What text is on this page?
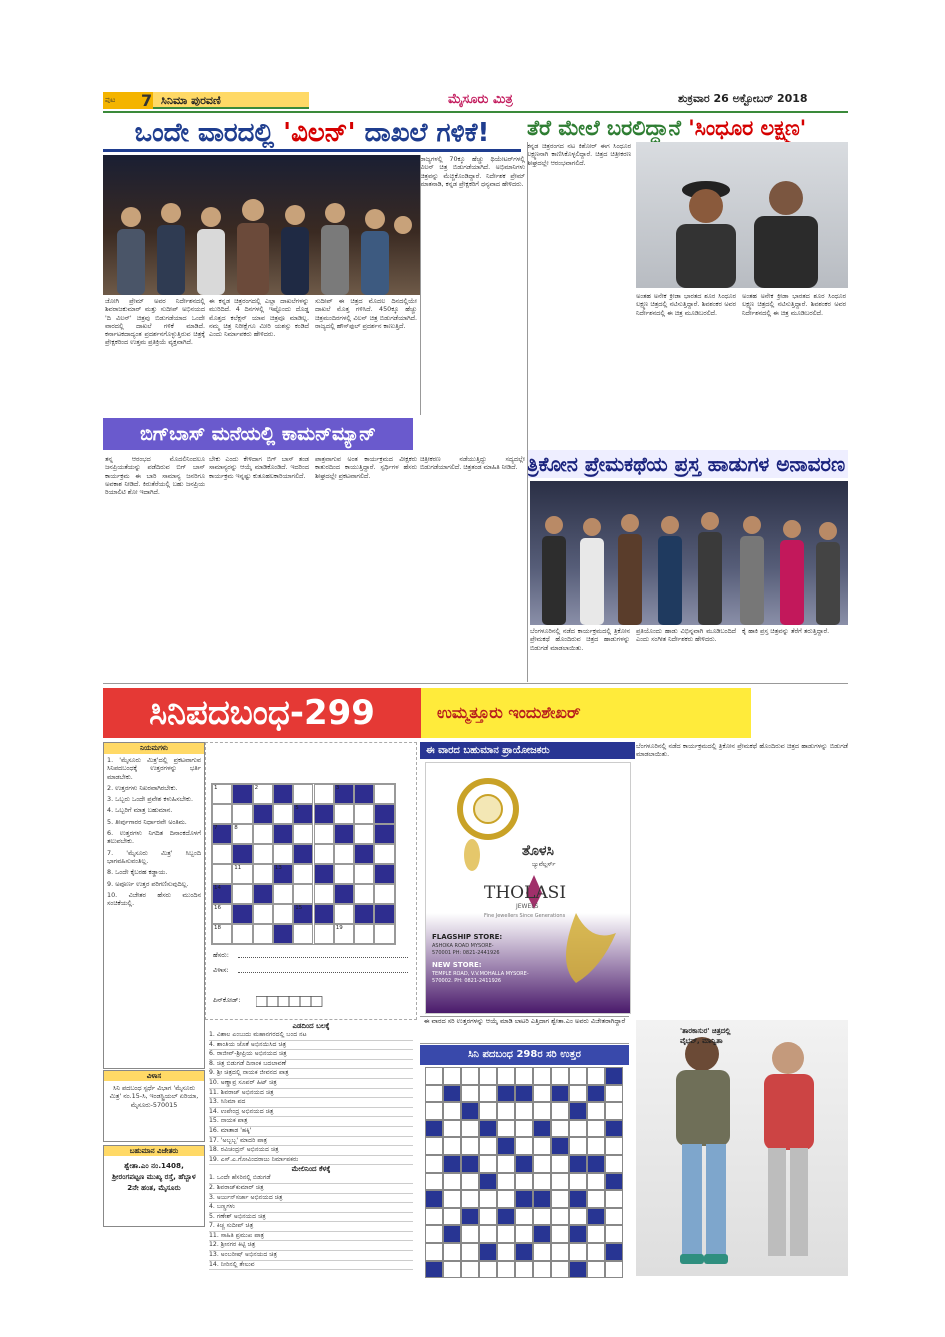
ಪುಟ 7 ಸಿನಿಮಾ ಪುರವಣಿ	ಮೈಸೂರು ಮಿತ್ರ	ಶುಕ್ರವಾರ 26 ಅಕ್ಟೋಬರ್ 2018
ಒಂದೇ ವಾರದಲ್ಲಿ 'ವಿಲನ್' ದಾಖಲೆ ಗಳಿಕೆ!
ರಾಜ್ಯಗಳಲ್ಲಿ 70ಕ್ಕೂ ಹೆಚ್ಚು ಥಿಯೇಟರ್‌ಗಳಲ್ಲಿ ವಿಲನ್ ಚಿತ್ರ ಬಿಡುಗಡೆಯಾಗಿದೆ. ಅಭಿಮಾನಿಗಳು ಚಿತ್ರವನ್ನು ಮೆಚ್ಚಿಕೊಂಡಿದ್ದಾರೆ. ನಿರ್ದೇಶಕ ಪ್ರೇಮ್ ಮಾತನಾಡಿ, ಕನ್ನಡ ಪ್ರೇಕ್ಷಕರಿಗೆ ಧನ್ಯವಾದ ಹೇಳಿದರು.
ಜೋಗಿ ಪ್ರೇಮ್ ಅವರ ನಿರ್ದೇಶನದಲ್ಲಿ ಶಿವರಾಜಕುಮಾರ್ ಮತ್ತು ಸುದೀಪ್ ಅಭಿನಯದ 'ದಿ ವಿಲನ್' ಚಿತ್ರವು ಬಿಡುಗಡೆಯಾದ ಒಂದೇ ವಾರದಲ್ಲಿ ದಾಖಲೆ ಗಳಿಕೆ ಮಾಡಿದೆ. ಕರ್ನಾಟಕದಾದ್ಯಂತ ಪ್ರದರ್ಶನಗೊಳ್ಳುತ್ತಿರುವ ಚಿತ್ರಕ್ಕೆ ಪ್ರೇಕ್ಷಕರಿಂದ ಉತ್ತಮ ಪ್ರತಿಕ್ರಿಯೆ ವ್ಯಕ್ತವಾಗಿದೆ.
ಈ ಕನ್ನಡ ಚಿತ್ರರಂಗದಲ್ಲಿ ಎಲ್ಲಾ ದಾಖಲೆಗಳನ್ನು ಮುರಿದಿದೆ. 4 ದಿನಗಳಲ್ಲಿ ಇಷ್ಟೊಂದು ದೊಡ್ಡ ಮೊತ್ತದ ಕಲೆಕ್ಷನ್ ಯಾವ ಚಿತ್ರವೂ ಮಾಡಿಲ್ಲ. ನಮ್ಮ ಚಿತ್ರ ನಿರೀಕ್ಷೆಗೂ ಮೀರಿ ಯಶಸ್ಸು ಕಂಡಿದೆ ಎಂದು ನಿರ್ಮಾಪಕರು ಹೇಳಿದರು.
ಸುದೀಪ್ ಈ ಚಿತ್ರದ ಮೊದಲ ದಿನದಲ್ಲಿಯೇ ದಾಖಲೆ ಮೊತ್ತ ಗಳಿಸಿದೆ. 450ಕ್ಕೂ ಹೆಚ್ಚು ಚಿತ್ರಮಂದಿರಗಳಲ್ಲಿ ವಿಲನ್ ಚಿತ್ರ ಬಿಡುಗಡೆಯಾಗಿದೆ. ರಾಜ್ಯದಲ್ಲಿ ಹೌಸ್‌ಫುಲ್ ಪ್ರದರ್ಶನ ಕಾಣುತ್ತಿದೆ.
ತೆರೆ ಮೇಲೆ ಬರಲಿದ್ದಾನೆ 'ಸಿಂಧೂರ ಲಕ್ಷ್ಮಣ'
ಕನ್ನಡ ಚಿತ್ರರಂಗದ ನಟ ಕಿಶೋರ್ ಈಗ ಸಿಂಧೂರ ಲಕ್ಷ್ಮಣನಾಗಿ ಕಾಣಿಸಿಕೊಳ್ಳಲಿದ್ದಾರೆ. ಚಿತ್ರದ ಚಿತ್ರೀಕರಣ ಶೀಘ್ರದಲ್ಲೇ ಆರಂಭವಾಗಲಿದೆ.
ಅಂತಹ ಅನೇಕ ಕ್ರೀಡಾ ಭಾರತದ ಶೂರ ಸಿಂಧೂರ ಲಕ್ಷ್ಮಣ ಚಿತ್ರದಲ್ಲಿ ನಟಿಸುತ್ತಿದ್ದಾರೆ. ಶಿವಶಂಕರ ಅವರ ನಿರ್ದೇಶನದಲ್ಲಿ ಈ ಚಿತ್ರ ಮೂಡಿಬರಲಿದೆ.
ಅಂತಹ ಅನೇಕ ಕ್ರೀಡಾ ಭಾರತದ ಶೂರ ಸಿಂಧೂರ ಲಕ್ಷ್ಮಣ ಚಿತ್ರದಲ್ಲಿ ನಟಿಸುತ್ತಿದ್ದಾರೆ. ಶಿವಶಂಕರ ಅವರ ನಿರ್ದೇಶನದಲ್ಲಿ ಈ ಚಿತ್ರ ಮೂಡಿಬರಲಿದೆ.
ಬಿಗ್‌ಬಾಸ್ ಮನೆಯಲ್ಲಿ ಕಾಮನ್‌ಮ್ಯಾನ್
ತನ್ನ ಆರಂಭದ ಮೊದಲಿನಿಂದಲೂ ಜನಪ್ರಿಯತೆಯನ್ನು ಪಡೆದಿರುವ ಬಿಗ್ ಬಾಸ್ ಕಾರ್ಯಕ್ರಮ ಈ ಬಾರಿ ಸಾಮಾನ್ಯ ಜನರಿಗೂ ಅವಕಾಶ ನೀಡಿದೆ. ಕಿರುತೆರೆಯಲ್ಲಿ ಬಹು ಜನಪ್ರಿಯ ರಿಯಾಲಿಟಿ ಶೋ ಇದಾಗಿದೆ.
ಬೇಕು ಎಂದು ಕೇಳಿದಾಗ ಬಿಗ್ ಬಾಸ್ ತಂಡ ಸಾಮಾನ್ಯರನ್ನು ಆಯ್ಕೆ ಮಾಡಿಕೊಂಡಿದೆ. ಇದರಿಂದ ಕಾರ್ಯಕ್ರಮ ಇನ್ನಷ್ಟು ಕುತೂಹಲಕಾರಿಯಾಗಲಿದೆ.
ಪಾತ್ರವಾಗುವ ಅಂತ ಕಾರ್ಯಕ್ರಮದ ವೀಕ್ಷಕರು ಕಾತುರದಿಂದ ಕಾಯುತ್ತಿದ್ದಾರೆ. ಸ್ಪರ್ಧಿಗಳ ಹೆಸರು ಶೀಘ್ರದಲ್ಲೇ ಪ್ರಕಟವಾಗಲಿದೆ.
ಚಿತ್ರೀಕರಣ ನಡೆಯುತ್ತಿದ್ದು ಸದ್ಯದಲ್ಲೇ ಬಿಡುಗಡೆಯಾಗಲಿದೆ. ಚಿತ್ರತಂಡ ಮಾಹಿತಿ ನೀಡಿದೆ. ತ್ರಿಕೋನ ಪ್ರೇಮಕಥೆಯ ಪ್ರಸ್ತ ಹಾಡುಗಳ ಅನಾವರಣ
ಬೆಂಗಳೂರಿನಲ್ಲಿ ನಡೆದ ಕಾರ್ಯಕ್ರಮದಲ್ಲಿ ತ್ರಿಕೋನ ಪ್ರೇಮಕಥೆ ಹೊಂದಿರುವ ಚಿತ್ರದ ಹಾಡುಗಳನ್ನು ಬಿಡುಗಡೆ ಮಾಡಲಾಯಿತು.
ಪ್ರತಿಯೊಂದು ಹಾಡು ವಿಭಿನ್ನವಾಗಿ ಮೂಡಿಬಂದಿದೆ ಎಂದು ಸಂಗೀತ ನಿರ್ದೇಶಕರು ಹೇಳಿದರು.
ಕೈ ಹಾಕಿ ಪ್ರಸ್ತ ಚಿತ್ರವನ್ನು ತೆರೆಗೆ ತರುತ್ತಿದ್ದಾರೆ.
ಬೆಂಗಳೂರಿನಲ್ಲಿ ನಡೆದ ಕಾರ್ಯಕ್ರಮದಲ್ಲಿ ತ್ರಿಕೋನ ಪ್ರೇಮಕಥೆ ಹೊಂದಿರುವ ಚಿತ್ರದ ಹಾಡುಗಳನ್ನು ಬಿಡುಗಡೆ ಮಾಡಲಾಯಿತು.
'ತಾರಕಾಸುರ' ಚಿತ್ರದಲ್ಲಿ ವೈಭವ್, ಮಾನ್ವಿತಾ
ಸಿನಿಪದಬಂಧ-299	ಉಮ್ಮತ್ತೂರು ಇಂದುಶೇಖರ್
ನಿಯಮಗಳು
1. 'ಮೈಸೂರು ಮಿತ್ರ'ದಲ್ಲಿ ಪ್ರಕಟವಾಗುವ ಸಿನಿಪದಬಂಧಕ್ಕೆ ಉತ್ತರಗಳನ್ನು ಭರ್ತಿ ಮಾಡಬೇಕು.
2. ಉತ್ತರಗಳು ನಿಖರವಾಗಿರಬೇಕು.
3. ಒಬ್ಬರು ಒಂದೇ ಪ್ರವೇಶ ಕಳುಹಿಸಬೇಕು.
4. ಒಬ್ಬರಿಗೆ ಮಾತ್ರ ಬಹುಮಾನ.
5. ತೀರ್ಪುಗಾರರ ನಿರ್ಧಾರವೇ ಅಂತಿಮ.
6. ಉತ್ತರಗಳು ನಿಗದಿತ ದಿನಾಂಕದೊಳಗೆ ತಲುಪಬೇಕು.
7. 'ಮೈಸೂರು ಮಿತ್ರ' ಸಿಬ್ಬಂದಿ ಭಾಗವಹಿಸುವಂತಿಲ್ಲ.
8. ಒಂದೇ ಕೈಬರಹ ಕಡ್ಡಾಯ.
9. ಅಪೂರ್ಣ ಉತ್ತರ ಪರಿಗಣಿಸುವುದಿಲ್ಲ.
10. ವಿಜೇತರ ಹೆಸರು ಮುಂದಿನ ಸಂಚಿಕೆಯಲ್ಲಿ.
ವಿಳಾಸ
ಸಿನಿ ಪದಬಂಧ ಸ್ಪರ್ಧೆ ವಿಭಾಗ 'ಮೈಸೂರು ಮಿತ್ರ' ನಂ.15-ಸಿ, ಇಂಡಸ್ಟ್ರಿಯಲ್ ಏರಿಯಾ, ಮೈಸೂರು-570015
ಬಹುಮಾನ ವಿಜೇತರು
ಶ್ವೇತಾ.ಎಂ ನಂ.1408, ಶ್ರೀರಂಗಪಟ್ಟಣ ಮುಖ್ಯ ರಸ್ತೆ, ಹೆಬ್ಬಾಳ 2ನೇ ಹಂತ, ಮೈಸೂರು
1	2	3
5
7	8
11	13
14
16	15
18	19
ಹೆಸರು:
ವಿಳಾಸ:
ಪಿನ್‌ಕೋಡ್:
ಎಡದಿಂದ ಬಲಕ್ಕೆ
1. ವಿಶಾಲ ಎಂಬುದು ಮಹಾನಗರದಲ್ಲಿ ಬಂದ ನಟ
4. ಶಾಂತಿಯ ಜೊತೆ ಅಭಿನಯಿಸಿದ ಚಿತ್ರ
6. ರಾಜೀವ್-ಶ್ರೀಪ್ರಿಯ ಅಭಿನಯದ ಚಿತ್ರ
8. ಚಿತ್ರ ಬಿಡುಗಡೆ ದಿನಾಂಕ ಬದಲಾವಣೆ
9. ಶ್ರೀ ಚಿತ್ರದಲ್ಲಿ ನಾಯಕ ಜೀವನದ ಪಾತ್ರ
10. ಅಣ್ಣಾವ್ರ ಸೂಪರ್ ಹಿಟ್ ಚಿತ್ರ
11. ಶಿವರಾಜ್ ಅಭಿನಯದ ಚಿತ್ರ
13. ಸಿನಿಮಾ ಪದ
14. ಉಪೇಂದ್ರ ಅಭಿನಯದ ಚಿತ್ರ
15. ನಾಯಕ ಪಾತ್ರ
16. ಮಾತಾಡ 'ಹಕ್ಕಿ'
17. 'ಅಬ್ಬಬ್ಬ' ಮಾದರಿ ಪಾತ್ರ
18. ರವಿಚಂದ್ರನ್ ಅಭಿನಯದ ಚಿತ್ರ
19. ಎಸ್.ಎ.ಗೋವಿಂದರಾಜು ನಿರ್ಮಾಪಕರು
ಮೇಲಿನಿಂದ ಕೆಳಕ್ಕೆ
1. ಒಂದೇ ಹೆಸರಿನಲ್ಲಿ ಬಿಡುಗಡೆ
2. ಶಿವರಾಜ್‌ಕುಮಾರ್ ಚಿತ್ರ
3. ಅರ್ಜುನ್‌ಸರ್ಜಾ ಅಭಿನಯದ ಚಿತ್ರ
4. ಬಣ್ಣಗಳು
5. ಗಣೇಶ್ ಅಭಿನಯದ ಚಿತ್ರ
7. ಕಿಚ್ಚ ಸುದೀಪ್ ಚಿತ್ರ
11. ಸಾಹಿತಿ ಪ್ರಮುಖ ಪಾತ್ರ
12. ಶ್ರೀನಗರ ಕಿಟ್ಟಿ ಚಿತ್ರ
13. ಅಂಬರೀಷ್ ಅಭಿನಯದ ಚಿತ್ರ
14. ನೀರಿನಲ್ಲಿ ತೇಲುವ
ಈ ವಾರದ ಬಹುಮಾನ ಪ್ರಾಯೋಜಕರು
ತೊಳಸಿ
ಜ್ಯುವೆಲ್ಲರ್ಸ್
THOLASI
JEWELS
Fine Jewellers Since Generations
FLAGSHIP STORE:
ASHOKA ROAD MYSORE- 570001 PH: 0821-2441926
NEW STORE:
TEMPLE ROAD, V.V.MOHALLA MYSORE-570002. PH: 0821-2411926
ಈ ವಾರದ ಸರಿ ಉತ್ತರಗಳನ್ನು ಆಯ್ಕೆ ಮಾಡಿ ಲಾಟರಿ ಎತ್ತಿದಾಗ ಶ್ವೇತಾ.ಎಂ ಅವರು ವಿಜೇತರಾಗಿದ್ದಾರೆ
ಸಿನಿ ಪದಬಂಧ 298ರ ಸರಿ ಉತ್ತರ
